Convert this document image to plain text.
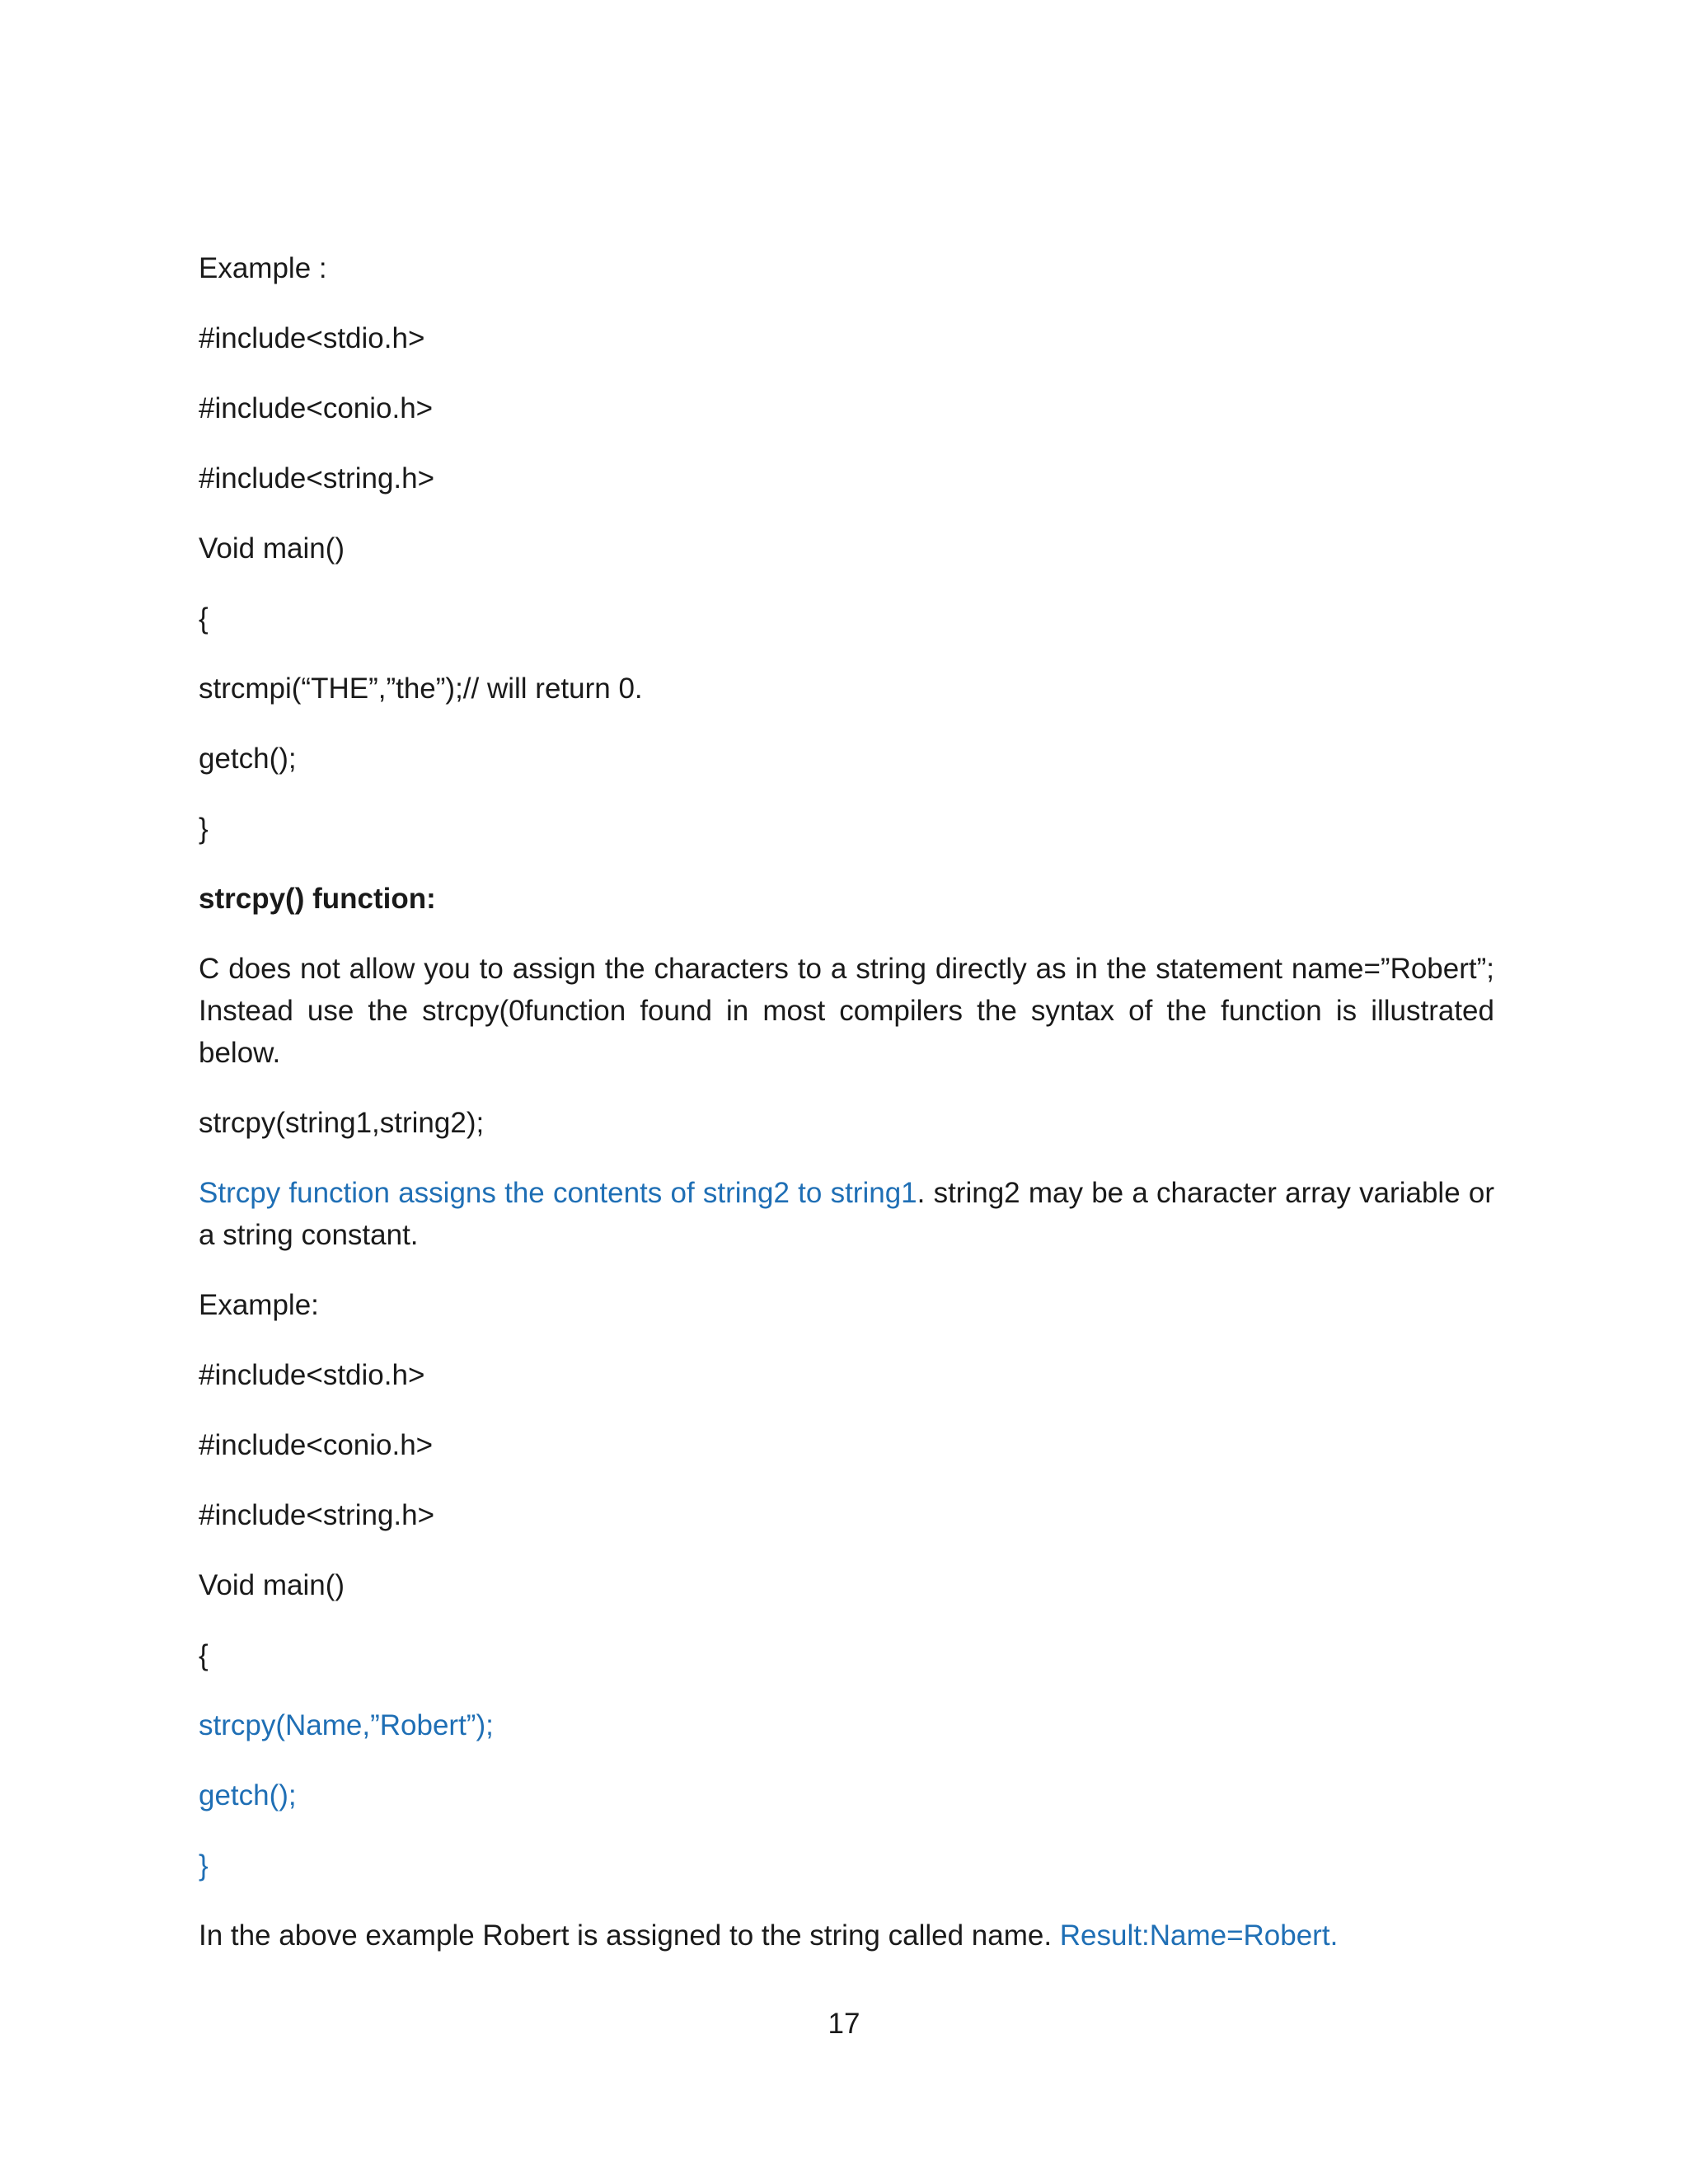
Example :

#include<stdio.h>

#include<conio.h>

#include<string.h>

Void main()

{

strcmpi(“THE”,”the”);// will return 0.

getch();

}

strcpy() function:

C does not allow you to assign the characters to a string directly as in the statement name=”Robert”; Instead use the strcpy(0function found in most compilers the syntax of the function is illustrated below.

strcpy(string1,string2);

Strcpy function assigns the contents of string2 to string1. string2 may be a character array variable or a string constant.

Example:

#include<stdio.h>

#include<conio.h>

#include<string.h>

Void main()

{

strcpy(Name,”Robert”);

getch();

}

In the above example Robert is assigned to the string called name. Result:Name=Robert.

17
